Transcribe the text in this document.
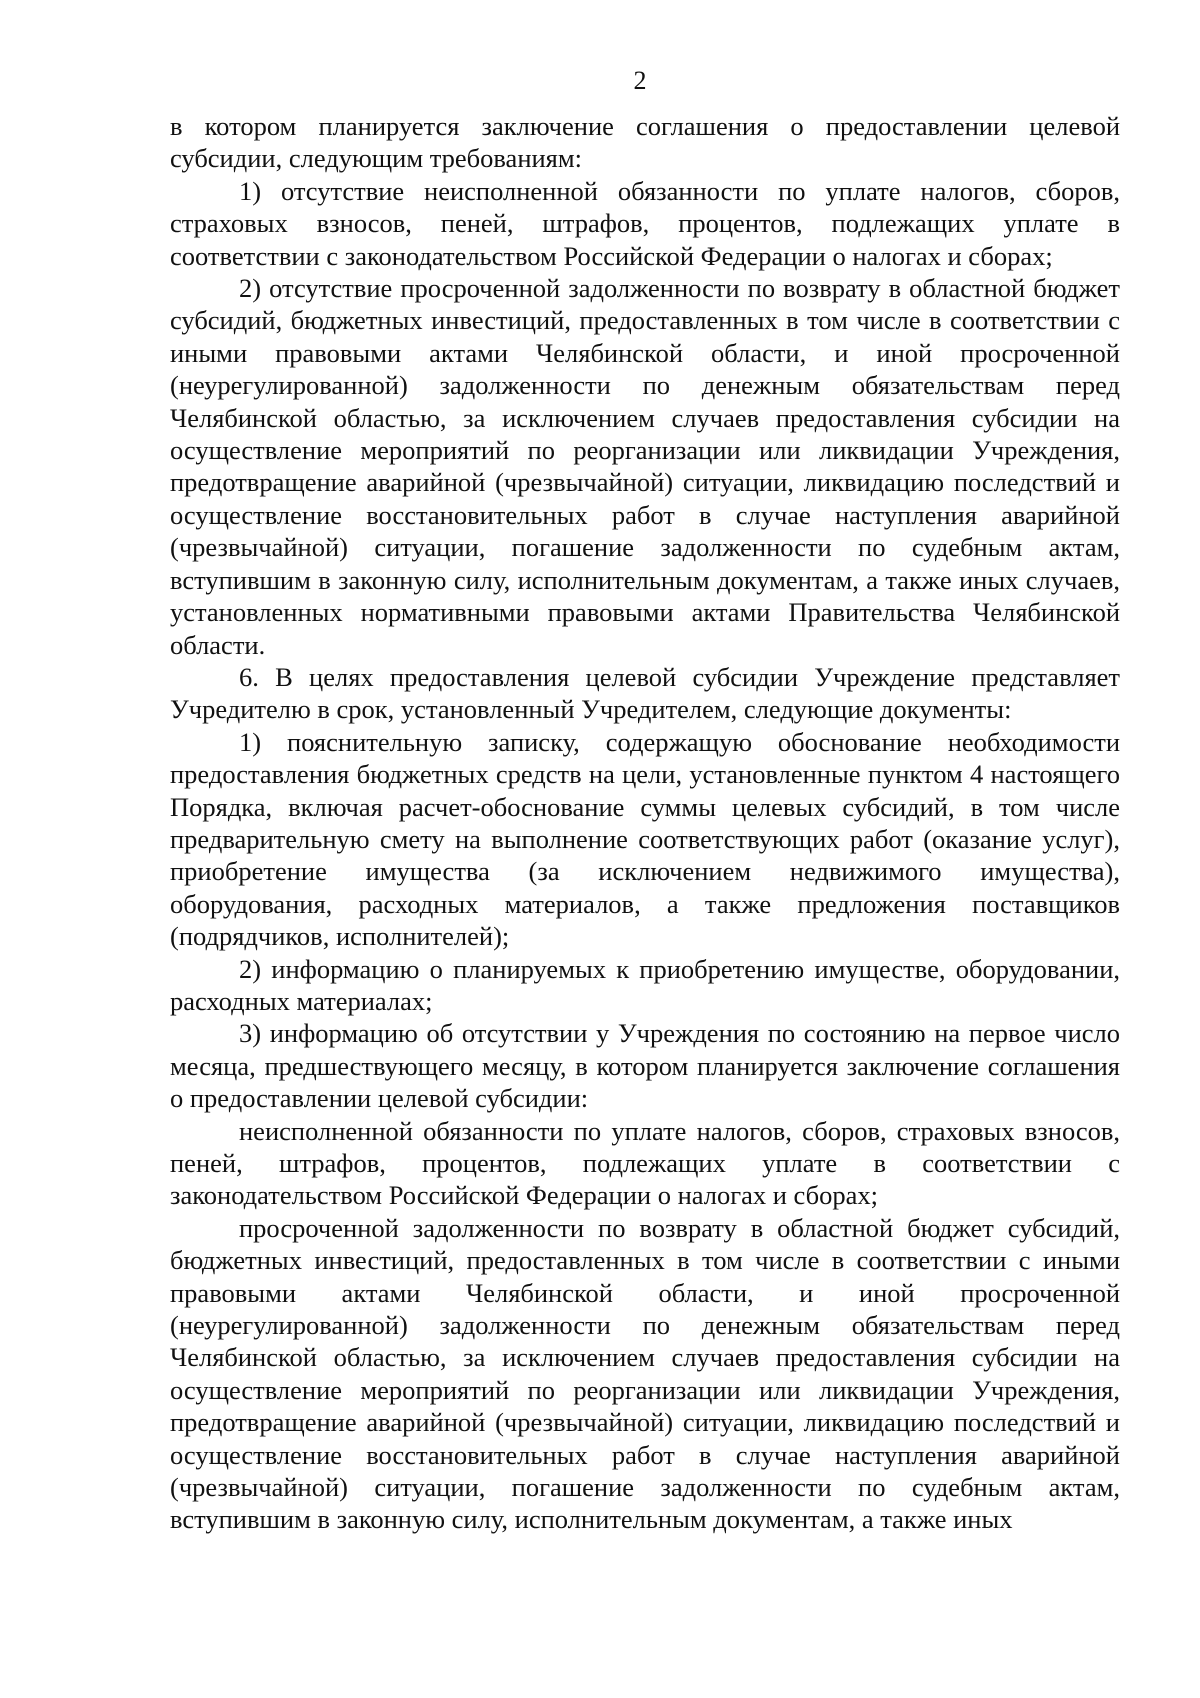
2

в котором планируется заключение соглашения о предоставлении целевой субсидии, следующим требованиям:

1) отсутствие неисполненной обязанности по уплате налогов, сборов, страховых взносов, пеней, штрафов, процентов, подлежащих уплате в соответствии с законодательством Российской Федерации о налогах и сборах;

2) отсутствие просроченной задолженности по возврату в областной бюджет субсидий, бюджетных инвестиций, предоставленных в том числе в соответствии с иными правовыми актами Челябинской области, и иной просроченной (неурегулированной) задолженности по денежным обязательствам перед Челябинской областью, за исключением случаев предоставления субсидии на осуществление мероприятий по реорганизации или ликвидации Учреждения, предотвращение аварийной (чрезвычайной) ситуации, ликвидацию последствий и осуществление восстановительных работ в случае наступления аварийной (чрезвычайной) ситуации, погашение задолженности по судебным актам, вступившим в законную силу, исполнительным документам, а также иных случаев, установленных нормативными правовыми актами Правительства Челябинской области.

6. В целях предоставления целевой субсидии Учреждение представляет Учредителю в срок, установленный Учредителем, следующие документы:

1) пояснительную записку, содержащую обоснование необходимости предоставления бюджетных средств на цели, установленные пунктом 4 настоящего Порядка, включая расчет-обоснование суммы целевых субсидий, в том числе предварительную смету на выполнение соответствующих работ (оказание услуг), приобретение имущества (за исключением недвижимого имущества), оборудования, расходных материалов, а также предложения поставщиков (подрядчиков, исполнителей);

2) информацию о планируемых к приобретению имуществе, оборудовании, расходных материалах;

3) информацию об отсутствии у Учреждения по состоянию на первое число месяца, предшествующего месяцу, в котором планируется заключение соглашения о предоставлении целевой субсидии:

неисполненной обязанности по уплате налогов, сборов, страховых взносов, пеней, штрафов, процентов, подлежащих уплате в соответствии с законодательством Российской Федерации о налогах и сборах;

просроченной задолженности по возврату в областной бюджет субсидий, бюджетных инвестиций, предоставленных в том числе в соответствии с иными правовыми актами Челябинской области, и иной просроченной (неурегулированной) задолженности по денежным обязательствам перед Челябинской областью, за исключением случаев предоставления субсидии на осуществление мероприятий по реорганизации или ликвидации Учреждения, предотвращение аварийной (чрезвычайной) ситуации, ликвидацию последствий и осуществление восстановительных работ в случае наступления аварийной (чрезвычайной) ситуации, погашение задолженности по судебным актам, вступившим в законную силу, исполнительным документам, а также иных
